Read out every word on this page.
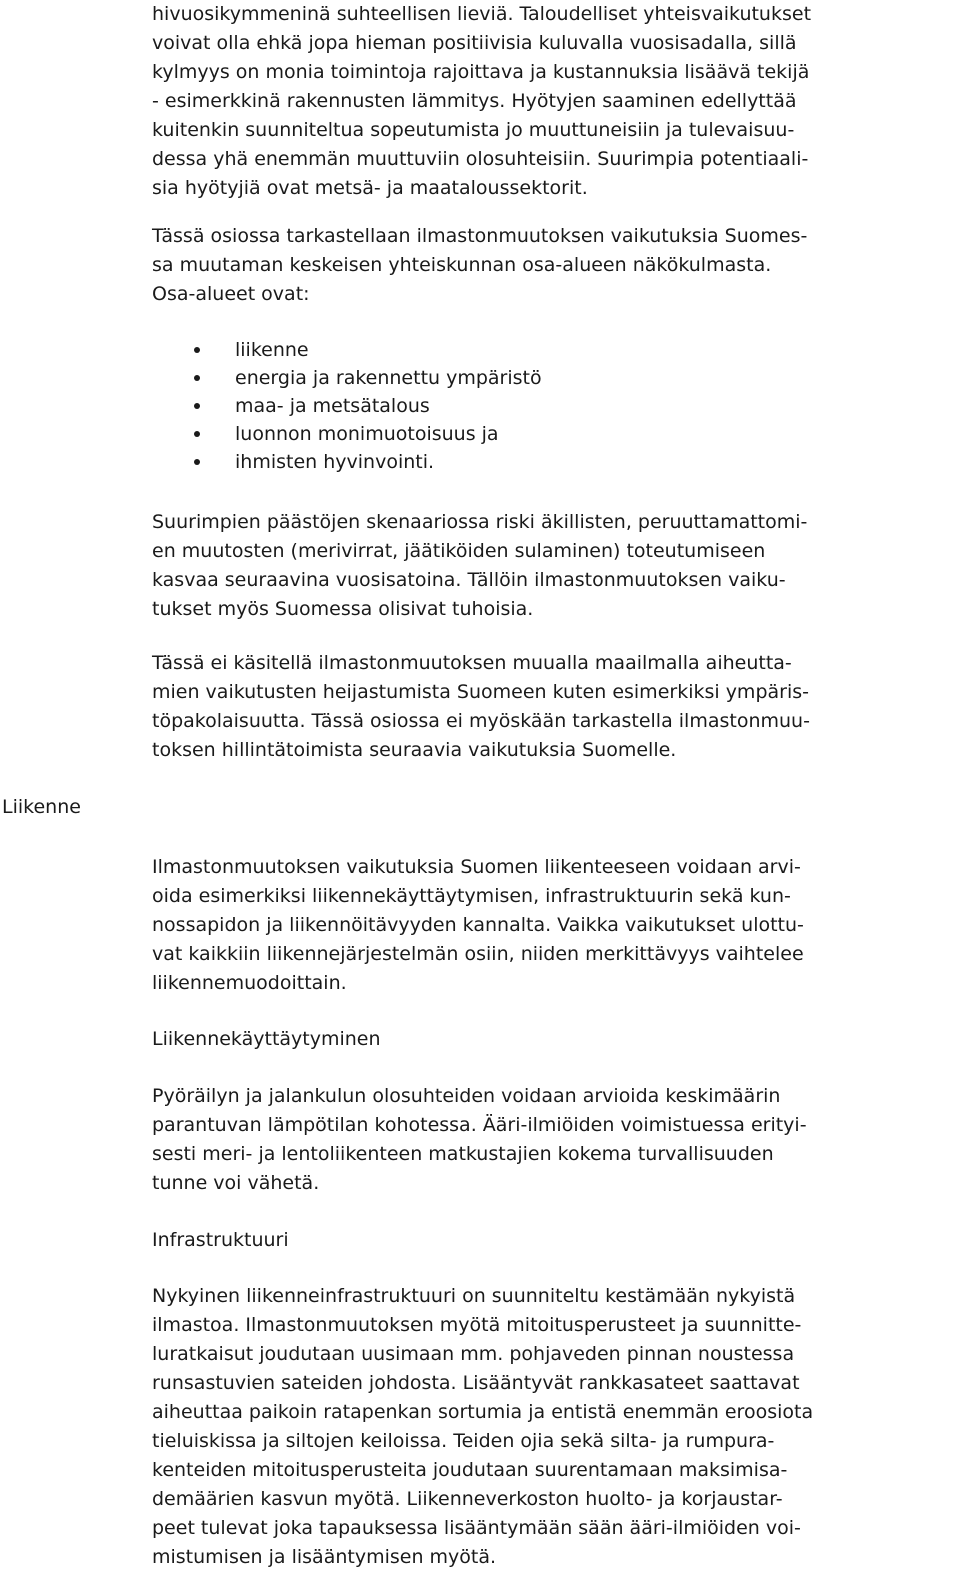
hivuosikymmeninä suhteellisen lieviä. Taloudelliset yhteisvaikutukset
voivat olla ehkä jopa hieman positiivisia kuluvalla vuosisadalla, sillä
kylmyys on monia toimintoja rajoittava ja kustannuksia lisäävä tekijä
- esimerkkinä rakennusten lämmitys. Hyötyjen saaminen edellyttää
kuitenkin suunniteltua sopeutumista jo muuttuneisiin ja tulevaisuu-
dessa yhä enemmän muuttuviin olosuhteisiin. Suurimpia potentiaali-
sia hyötyjiä ovat metsä- ja maataloussektorit.

Tässä osiossa tarkastellaan ilmastonmuutoksen vaikutuksia Suomes-
sa muutaman keskeisen yhteiskunnan osa-alueen näkökulmasta.
Osa-alueet ovat:

liikenne
energia ja rakennettu ympäristö
maa- ja metsätalous
luonnon monimuotoisuus ja
ihmisten hyvinvointi.

Suurimpien päästöjen skenaariossa riski äkillisten, peruuttamattomi-
en muutosten (merivirrat, jäätiköiden sulaminen) toteutumiseen
kasvaa seuraavina vuosisatoina. Tällöin ilmastonmuutoksen vaiku-
tukset myös Suomessa olisivat tuhoisia.

Tässä ei käsitellä ilmastonmuutoksen muualla maailmalla aiheutta-
mien vaikutusten heijastumista Suomeen kuten esimerkiksi ympäris-
töpakolaisuutta. Tässä osiossa ei myöskään tarkastella ilmastonmuu-
toksen hillintätoimista seuraavia vaikutuksia Suomelle.

Liikenne

Ilmastonmuutoksen vaikutuksia Suomen liikenteeseen voidaan arvi-
oida esimerkiksi liikennekäyttäytymisen, infrastruktuurin sekä kun-
nossapidon ja liikennöitävyyden kannalta. Vaikka vaikutukset ulottu-
vat kaikkiin liikennejärjestelmän osiin, niiden merkittävyys vaihtelee
liikennemuodoittain.

Liikennekäyttäytyminen

Pyöräilyn ja jalankulun olosuhteiden voidaan arvioida keskimäärin
parantuvan lämpötilan kohotessa. Ääri-ilmiöiden voimistuessa erityi-
sesti meri- ja lentoliikenteen matkustajien kokema turvallisuuden
tunne voi vähetä.

Infrastruktuuri

Nykyinen liikenneinfrastruktuuri on suunniteltu kestämään nykyistä
ilmastoa. Ilmastonmuutoksen myötä mitoitusperusteet ja suunnitte-
luratkaisut joudutaan uusimaan mm. pohjaveden pinnan noustessa
runsastuvien sateiden johdosta. Lisääntyvät rankkasateet saattavat
aiheuttaa paikoin ratapenkan sortumia ja entistä enemmän eroosiota
tieluiskissa ja siltojen keiloissa. Teiden ojia sekä silta- ja rumpura-
kenteiden mitoitusperusteita joudutaan suurentamaan maksimisa-
demäärien kasvun myötä. Liikenneverkoston huolto- ja korjaustar-
peet tulevat joka tapauksessa lisääntymään sään ääri-ilmiöiden voi-
mistumisen ja lisääntymisen myötä.
